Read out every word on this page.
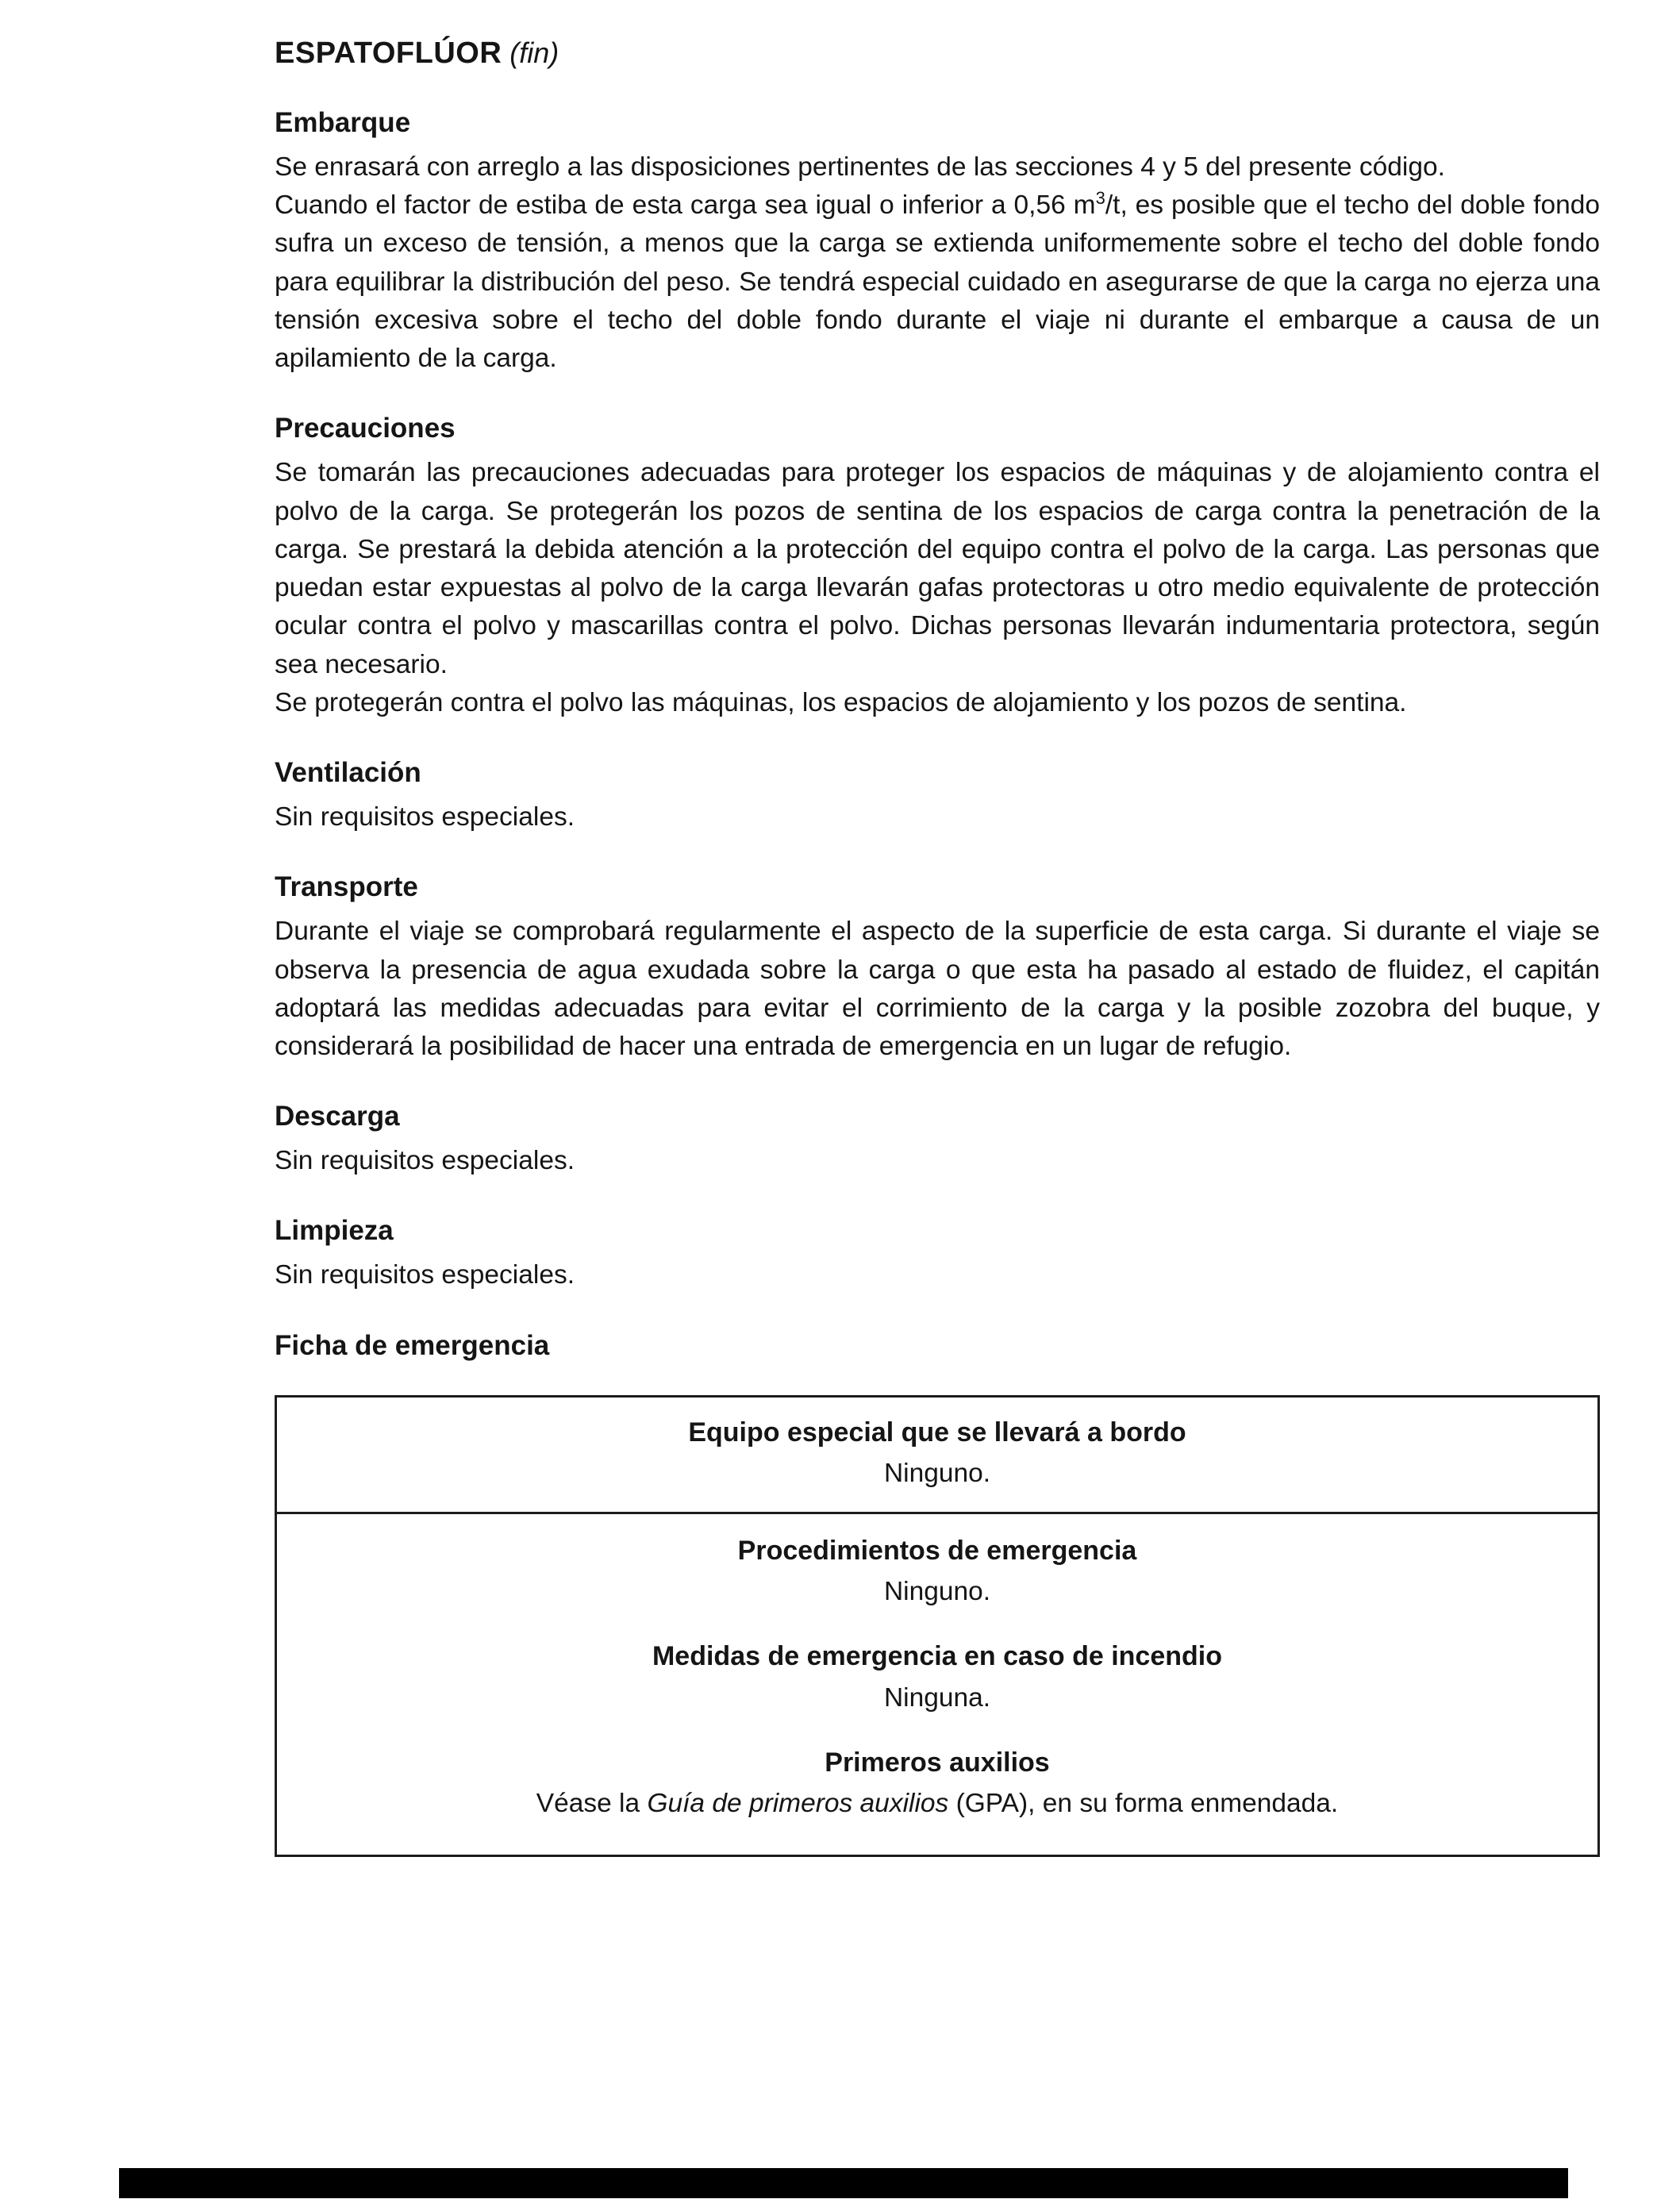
ESPATOFLÚOR (fin)
Embarque

Se enrasará con arreglo a las disposiciones pertinentes de las secciones 4 y 5 del presente código.

Cuando el factor de estiba de esta carga sea igual o inferior a 0,56 $m^3/t$, es posible que el techo del doble fondo sufra un exceso de tensión, a menos que la carga se extienda uniformemente sobre el techo del doble fondo para equilibrar la distribución del peso. Se tendrá especial cuidado en asegurarse de que la carga no ejerza una tensión excesiva sobre el techo del doble fondo durante el viaje ni durante el embarque a causa de un apilamiento de la carga.

Precauciones

Se tomarán las precauciones adecuadas para proteger los espacios de máquinas y de alojamiento contra el polvo de la carga. Se protegerán los pozos de sentina de los espacios de carga contra la penetración de la carga. Se prestará la debida atención a la protección del equipo contra el polvo de la carga. Las personas que puedan estar expuestas al polvo de la carga llevarán gafas protectoras u otro medio equivalente de protección ocular contra el polvo y mascarillas contra el polvo. Dichas personas llevarán indumentaria protectora, según sea necesario.

Se protegerán contra el polvo las máquinas, los espacios de alojamiento y los pozos de sentina.

Ventilación

Sin requisitos especiales.

Transporte

Durante el viaje se comprobará regularmente el aspecto de la superficie de esta carga. Si durante el viaje se observa la presencia de agua exudada sobre la carga o que esta ha pasado al estado de fluidez, el capitán adoptará las medidas adecuadas para evitar el corrimiento de la carga y la posible zozobra del buque, y considerará la posibilidad de hacer una entrada de emergencia en un lugar de refugio.

Descarga

Sin requisitos especiales.

Limpieza

Sin requisitos especiales.

Ficha de emergencia
Equipo especial que se llevará a bordo
Ninguno.
Procedimientos de emergencia
Ninguno.
Medidas de emergencia en caso de incendio
Ninguna.
Primeros auxilios
Véase la Guía de primeros auxilios (GPA), en su forma enmendada.
